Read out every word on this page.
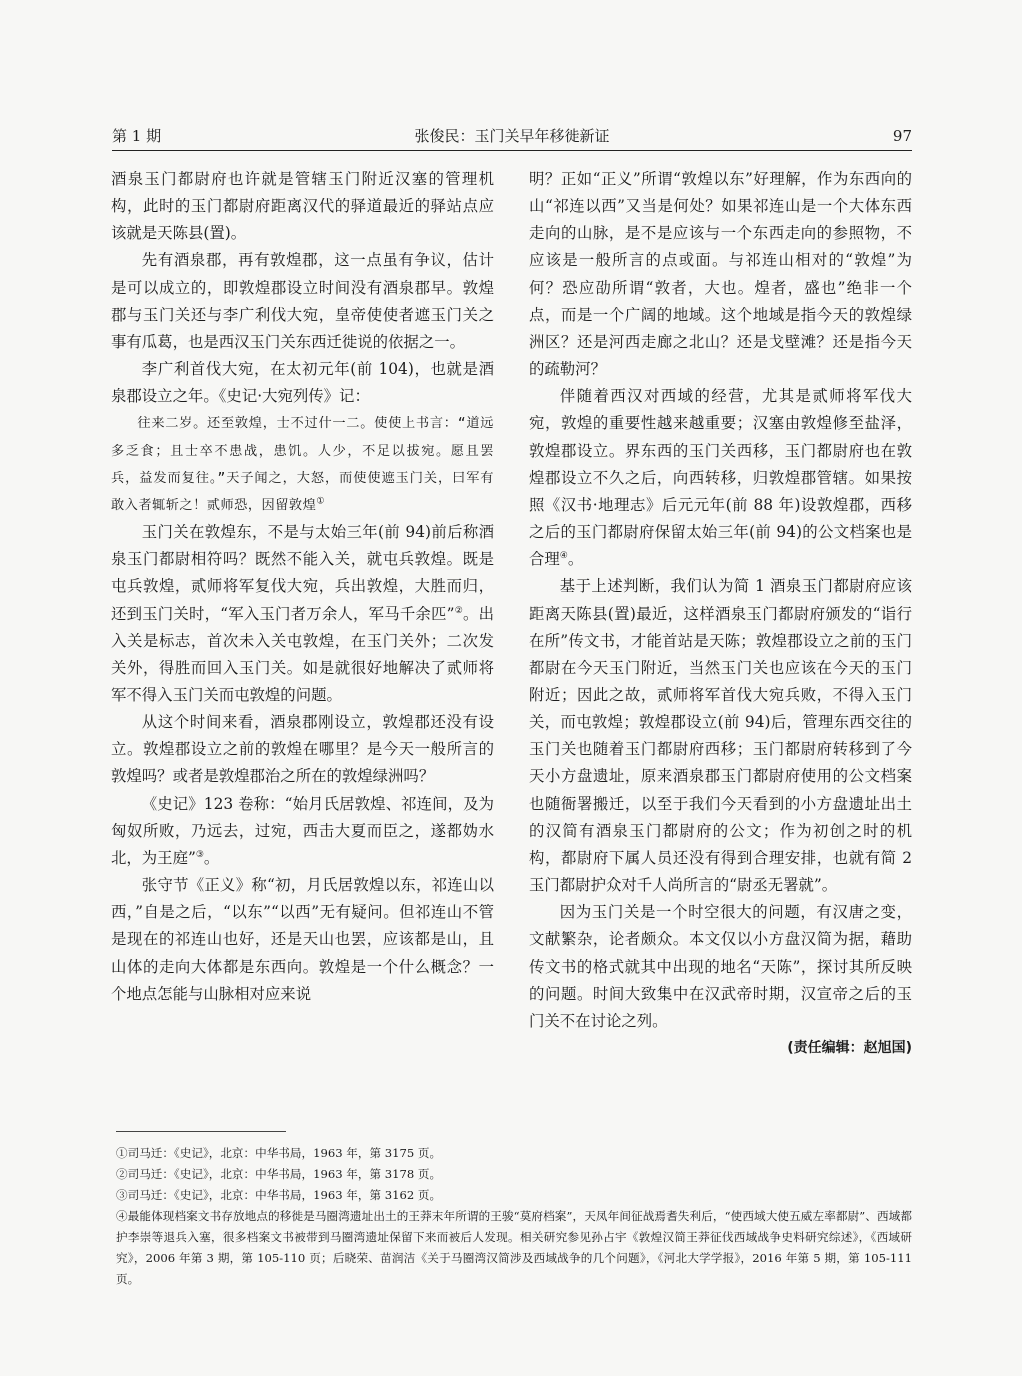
第 1 期	张俊民：玉门关早年移徙新证	97

酒泉玉门都尉府也许就是管辖玉门附近汉塞的管理机构，此时的玉门都尉府距离汉代的驿道最近的驿站点应该就是天陈县(置)。

先有酒泉郡，再有敦煌郡，这一点虽有争议，估计是可以成立的，即敦煌郡设立时间没有酒泉郡早。敦煌郡与玉门关还与李广利伐大宛，皇帝使使者遮玉门关之事有瓜葛，也是西汉玉门关东西迁徙说的依据之一。

李广利首伐大宛，在太初元年(前 104)，也就是酒泉郡设立之年。《史记·大宛列传》记：

往来二岁。还至敦煌，士不过什一二。使使上书言：“道远多乏食；且士卒不患战，患饥。人少，不足以拔宛。愿且罢兵，益发而复往。”天子闻之，大怒，而使使遮玉门关，曰军有敢入者辄斩之！贰师恐，因留敦煌①

玉门关在敦煌东，不是与太始三年(前 94)前后称酒泉玉门都尉相符吗？既然不能入关，就屯兵敦煌。既是屯兵敦煌，贰师将军复伐大宛，兵出敦煌，大胜而归，还到玉门关时，“军入玉门者万余人，军马千余匹”②。出入关是标志，首次未入关屯敦煌，在玉门关外；二次发关外，得胜而回入玉门关。如是就很好地解决了贰师将军不得入玉门关而屯敦煌的问题。

从这个时间来看，酒泉郡刚设立，敦煌郡还没有设立。敦煌郡设立之前的敦煌在哪里？是今天一般所言的敦煌吗？或者是敦煌郡治之所在的敦煌绿洲吗？

《史记》123 卷称：“始月氏居敦煌、祁连间，及为匈奴所败，乃远去，过宛，西击大夏而臣之，遂都妫水北，为王庭”③。

张守节《正义》称“初，月氏居敦煌以东，祁连山以西，”自是之后，“以东”“以西”无有疑问。但祁连山不管是现在的祁连山也好，还是天山也罢，应该都是山，且山体的走向大体都是东西向。敦煌是一个什么概念？一个地点怎能与山脉相对应来说

明？正如“正义”所谓“敦煌以东”好理解，作为东西向的山“祁连以西”又当是何处？如果祁连山是一个大体东西走向的山脉，是不是应该与一个东西走向的参照物，不应该是一般所言的点或面。与祁连山相对的“敦煌”为何？恐应劭所谓“敦者，大也。煌者，盛也”绝非一个点，而是一个广阔的地域。这个地域是指今天的敦煌绿洲区？还是河西走廊之北山？还是戈壁滩？还是指今天的疏勒河？

伴随着西汉对西域的经营，尤其是贰师将军伐大宛，敦煌的重要性越来越重要；汉塞由敦煌修至盐泽，敦煌郡设立。界东西的玉门关西移，玉门都尉府也在敦煌郡设立不久之后，向西转移，归敦煌郡管辖。如果按照《汉书·地理志》后元元年(前 88 年)设敦煌郡，西移之后的玉门都尉府保留太始三年(前 94)的公文档案也是合理④。

基于上述判断，我们认为简 1 酒泉玉门都尉府应该距离天陈县(置)最近，这样酒泉玉门都尉府颁发的“诣行在所”传文书，才能首站是天陈；敦煌郡设立之前的玉门都尉在今天玉门附近，当然玉门关也应该在今天的玉门附近；因此之故，贰师将军首伐大宛兵败，不得入玉门关，而屯敦煌；敦煌郡设立(前 94)后，管理东西交往的玉门关也随着玉门都尉府西移；玉门都尉府转移到了今天小方盘遗址，原来酒泉郡玉门都尉府使用的公文档案也随衙署搬迁，以至于我们今天看到的小方盘遗址出土的汉简有酒泉玉门都尉府的公文；作为初创之时的机构，都尉府下属人员还没有得到合理安排，也就有简 2 玉门都尉护众对千人尚所言的“尉丞无署就”。

因为玉门关是一个时空很大的问题，有汉唐之变，文献繁杂，论者颇众。本文仅以小方盘汉简为据，藉助传文书的格式就其中出现的地名“天陈”，探讨其所反映的问题。时间大致集中在汉武帝时期，汉宣帝之后的玉门关不在讨论之列。

(责任编辑：赵旭国)

①司马迁：《史记》，北京：中华书局，1963 年，第 3175 页。

②司马迁：《史记》，北京：中华书局，1963 年，第 3178 页。

③司马迁：《史记》，北京：中华书局，1963 年，第 3162 页。

④最能体现档案文书存放地点的移徙是马圈湾遗址出土的王莽末年所谓的王骏“莫府档案”，天凤年间征战焉耆失利后，“使西域大使五威左率都尉”、西域都护李崇等退兵入塞，很多档案文书被带到马圈湾遗址保留下来而被后人发现。相关研究参见孙占宇《敦煌汉简王莽征伐西域战争史料研究综述》，《西域研究》，2006 年第 3 期，第 105-110 页；后晓荣、苗润洁《关于马圈湾汉简涉及西域战争的几个问题》，《河北大学学报》，2016 年第 5 期，第 105-111 页。
